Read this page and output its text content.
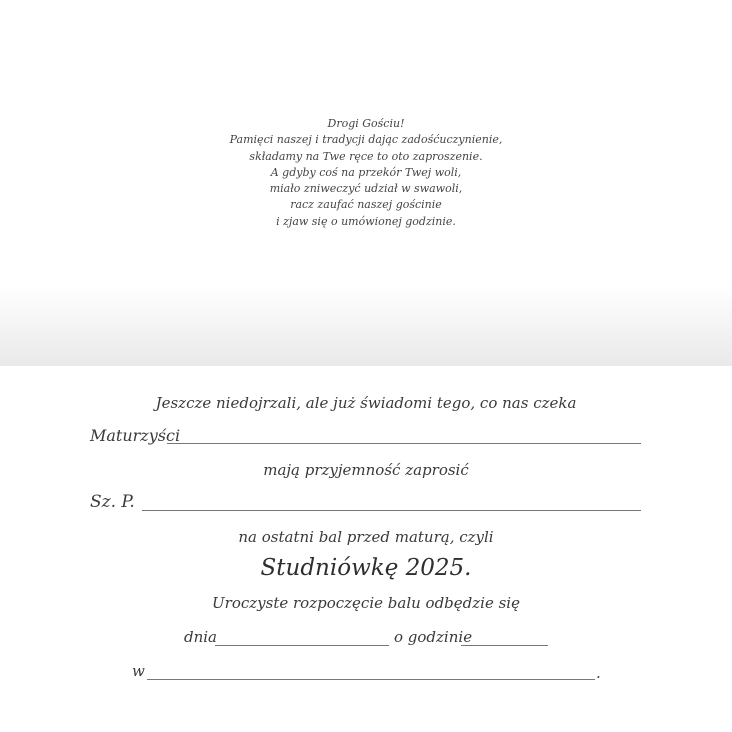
Drogi Gościu!
Pamięci naszej i tradycji dając zadośćuczynienie,
składamy na Twe ręce to oto zaproszenie.
A gdyby coś na przekór Twej woli,
miało zniweczyć udział w swawoli,
racz zaufać naszej gościnie
i zjaw się o umówionej godzinie.
Jeszcze niedojrzali, ale już świadomi tego, co nas czeka
Maturzyści
mają przyjemność zaprosić
Sz. P.
na ostatni bal przed maturą, czyli
Studniówkę 2025.
Uroczyste rozpoczęcie balu odbędzie się
dnia	o godzinie
w	.
